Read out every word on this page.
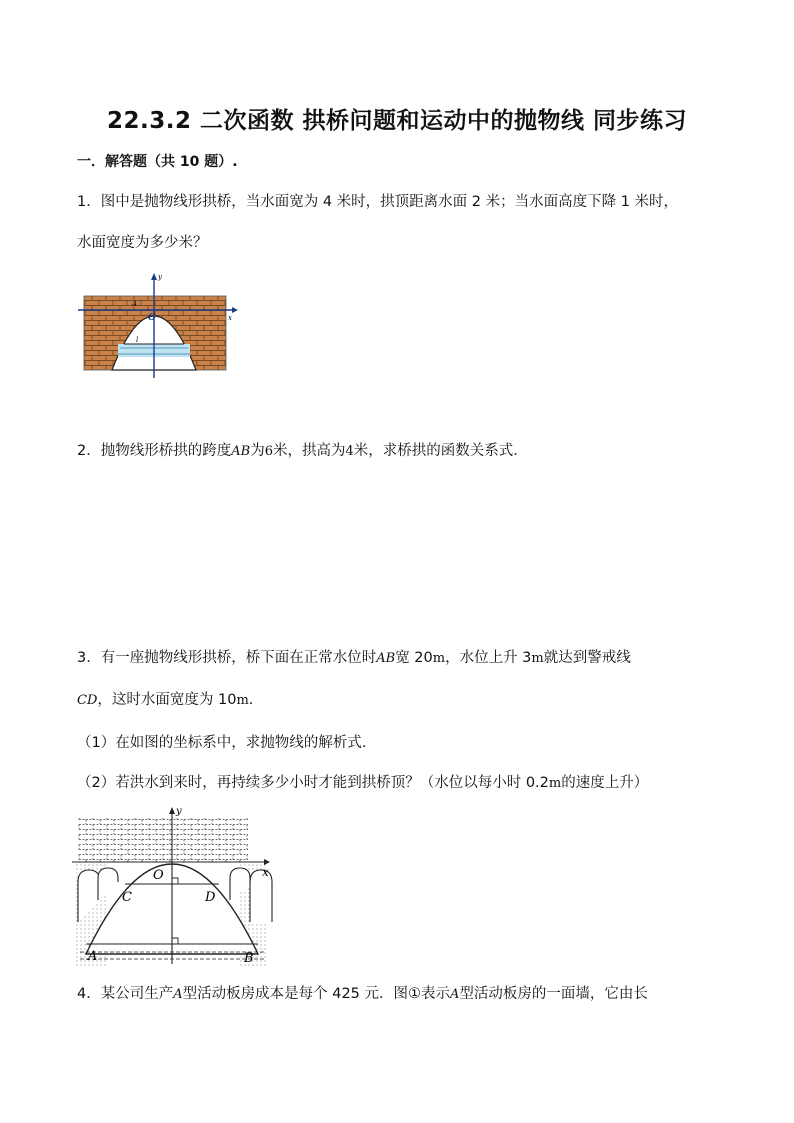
22.3.2 二次函数 拱桥问题和运动中的抛物线 同步练习
一．解答题（共 10 题）.
1．图中是抛物线形拱桥，当水面宽为 4 米时，拱顶距离水面 2 米；当水面高度下降 1 米时，
水面宽度为多少米？
x
y
O
A
l
2．抛物线形桥拱的跨度AB为6米，拱高为4米，求桥拱的函数关系式．
3．有一座抛物线形拱桥，桥下面在正常水位时AB宽 20m，水位上升 3m就达到警戒线
CD，这时水面宽度为 10m.
（1）在如图的坐标系中，求抛物线的解析式.
（2）若洪水到来时，再持续多少小时才能到拱桥顶？（水位以每小时 0.2m的速度上升）
y
x
O
C	D
A	B
4．某公司生产A型活动板房成本是每个 425 元．图①表示A型活动板房的一面墙，它由长
